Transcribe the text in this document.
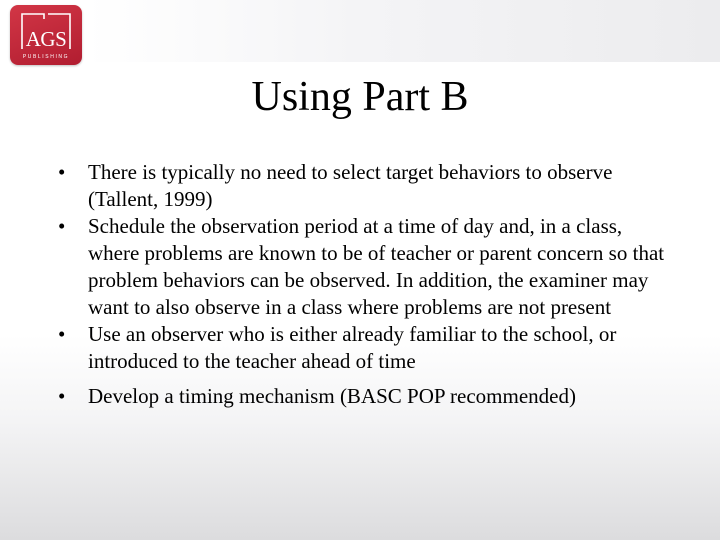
AGS
PUBLISHING
Using Part B
•	There is typically no need to select target behaviors to observe (Tallent, 1999)
•	Schedule the observation period at a time of day and, in a class, where problems are known to be of teacher or parent concern so that problem behaviors can be observed. In addition, the examiner may want to also observe in a class where problems are not present
•	Use an observer who is either already familiar to the school, or introduced to the teacher ahead of time
•	Develop a timing mechanism (BASC POP recommended)
